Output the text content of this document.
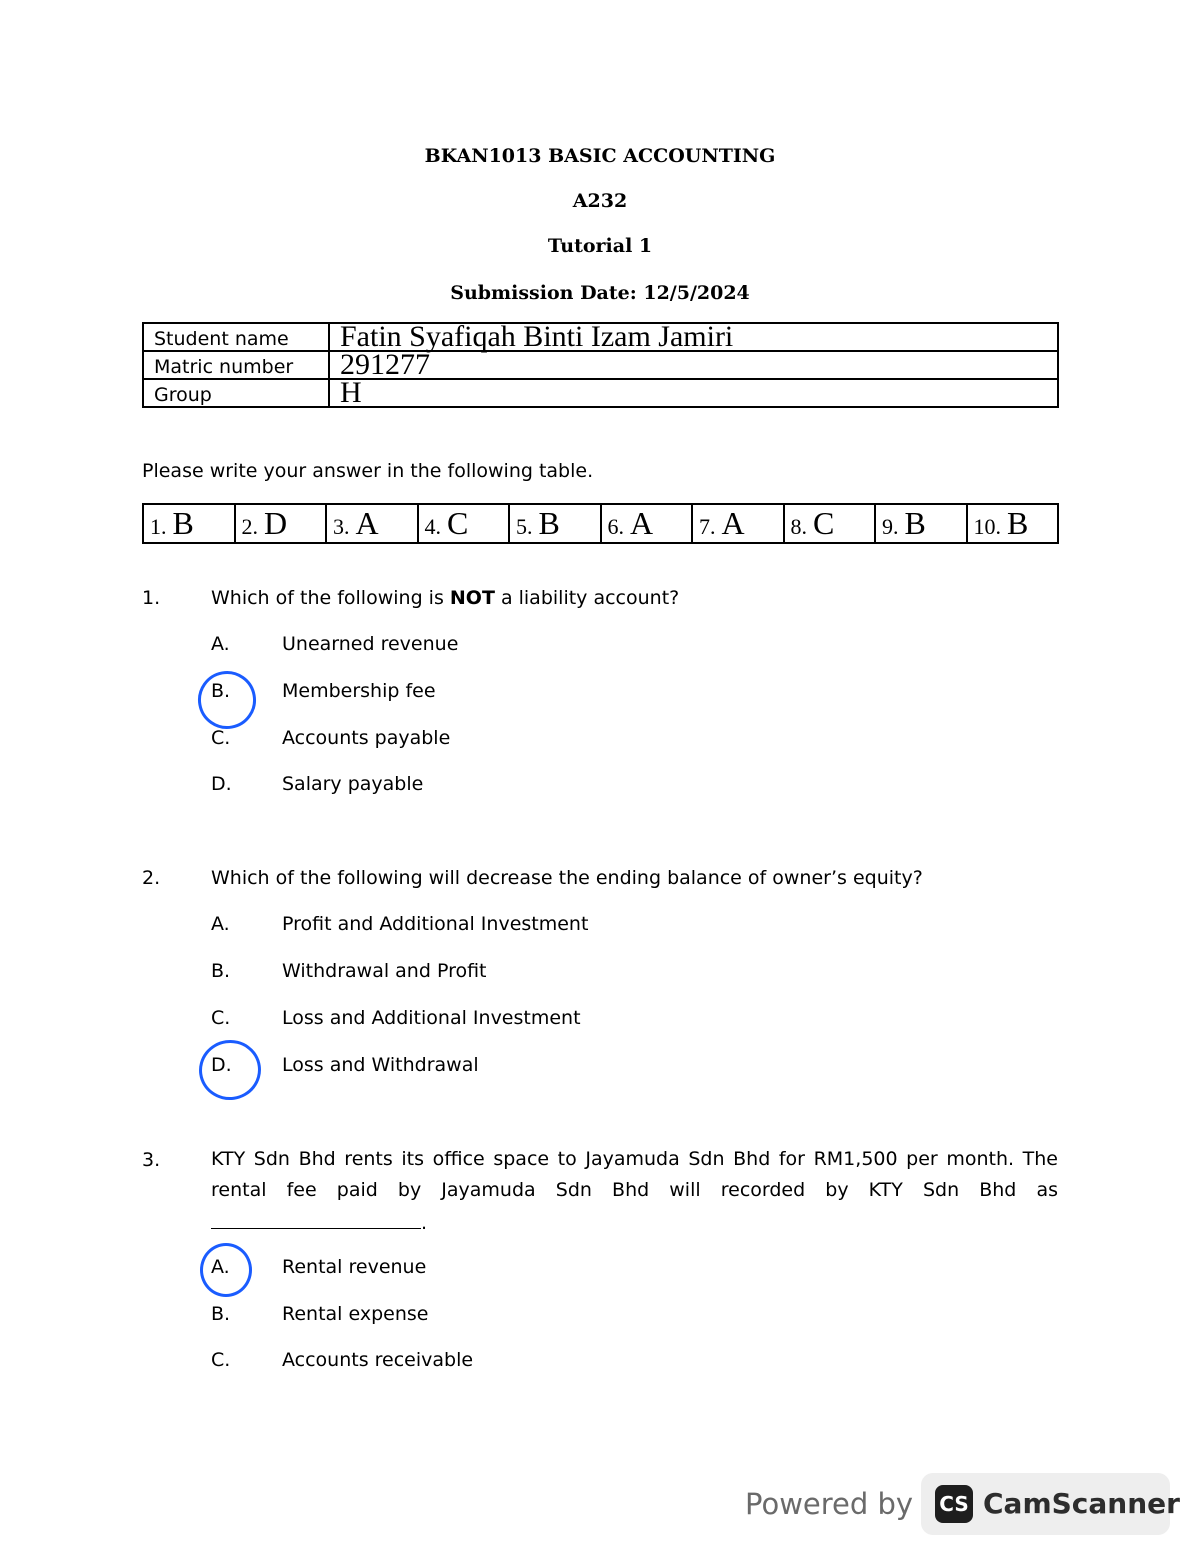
BKAN1013 BASIC ACCOUNTING
A232
Tutorial 1
Submission Date: 12/5/2024
Student name	Fatin Syafiqah Binti Izam Jamiri
Matric number	291277
Group	H
Please write your answer in the following table.
1. B	2. D	3. A	4. C	5. B	6. A	7. A	8. C	9. B	10. B
1.	Which of the following is NOT a liability account?
A.	Unearned revenue
B.	Membership fee
C.	Accounts payable
D.	Salary payable
2.	Which of the following will decrease the ending balance of owner’s equity?
A.	Profit and Additional Investment
B.	Withdrawal and Profit
C.	Loss and Additional Investment
D.	Loss and Withdrawal
3.	KTY Sdn Bhd rents its office space to Jayamuda Sdn Bhd for RM1,500 per month. The
rental fee paid by Jayamuda Sdn Bhd will recorded by KTY Sdn Bhd as
.
A.	Rental revenue
B.	Rental expense
C.	Accounts receivable
Powered by CS CamScanner
